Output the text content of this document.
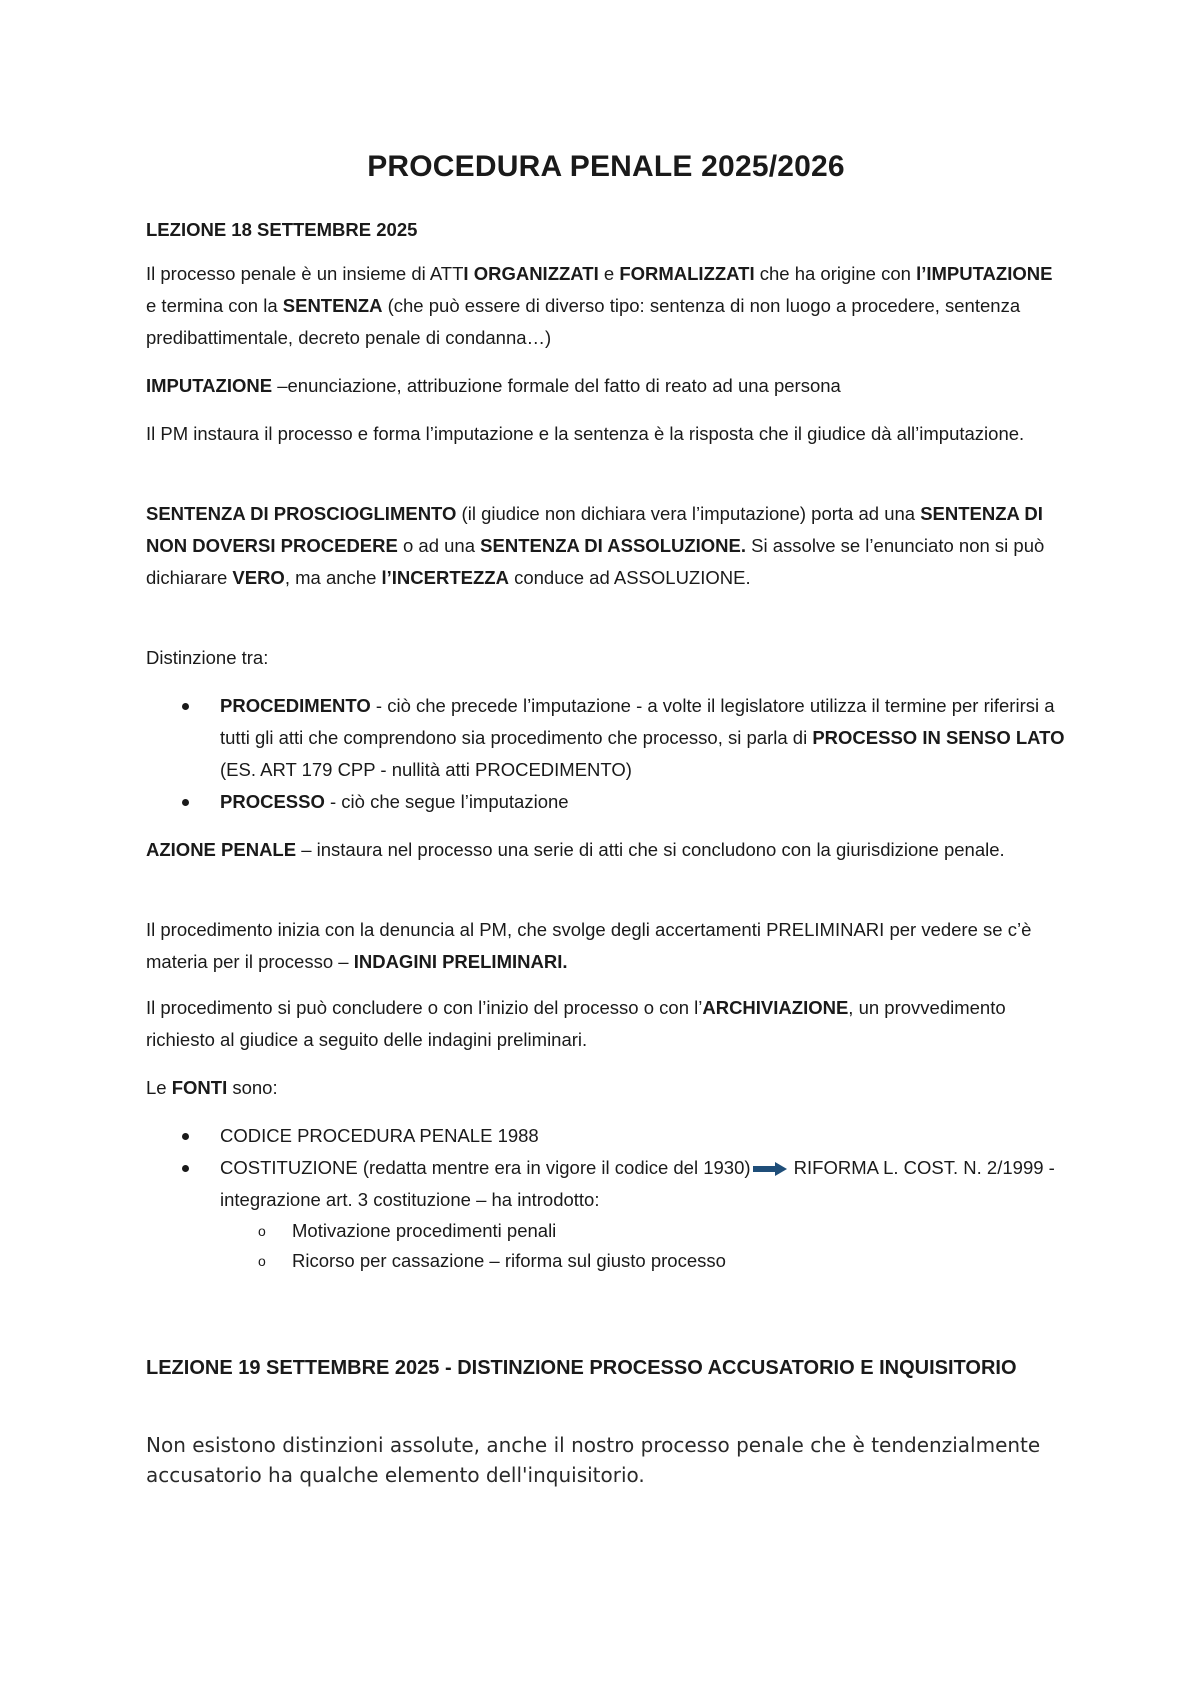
PROCEDURA PENALE 2025/2026

LEZIONE 18 SETTEMBRE 2025

Il processo penale è un insieme di ATTI ORGANIZZATI e FORMALIZZATI che ha origine con l’IMPUTAZIONE e termina con la SENTENZA (che può essere di diverso tipo: sentenza di non luogo a procedere, sentenza predibattimentale, decreto penale di condanna…)

IMPUTAZIONE –enunciazione, attribuzione formale del fatto di reato ad una persona

Il PM instaura il processo e forma l’imputazione e la sentenza è la risposta che il giudice dà all’imputazione.

SENTENZA DI PROSCIOGLIMENTO (il giudice non dichiara vera l’imputazione) porta ad una SENTENZA DI NON DOVERSI PROCEDERE o ad una SENTENZA DI ASSOLUZIONE. Si assolve se l’enunciato non si può dichiarare VERO, ma anche l’INCERTEZZA conduce ad ASSOLUZIONE.

Distinzione tra:

PROCEDIMENTO - ciò che precede l’imputazione - a volte il legislatore utilizza il termine per riferirsi a tutti gli atti che comprendono sia procedimento che processo, si parla di PROCESSO IN SENSO LATO (ES. ART 179 CPP - nullità atti PROCEDIMENTO)
PROCESSO - ciò che segue l’imputazione

AZIONE PENALE – instaura nel processo una serie di atti che si concludono con la giurisdizione penale.

Il procedimento inizia con la denuncia al PM, che svolge degli accertamenti PRELIMINARI per vedere se c’è materia per il processo – INDAGINI PRELIMINARI.

Il procedimento si può concludere o con l’inizio del processo o con l’ARCHIVIAZIONE, un provvedimento richiesto al giudice a seguito delle indagini preliminari.

Le FONTI sono:

CODICE PROCEDURA PENALE 1988
COSTITUZIONE (redatta mentre era in vigore il codice del 1930) RIFORMA L. COST. N. 2/1999 - integrazione art. 3 costituzione – ha introdotto:
o Motivazione procedimenti penali
o Ricorso per cassazione – riforma sul giusto processo
LEZIONE 19 SETTEMBRE 2025 - DISTINZIONE PROCESSO ACCUSATORIO E INQUISITORIO

Non esistono distinzioni assolute, anche il nostro processo penale che è tendenzialmente accusatorio ha qualche elemento dell'inquisitorio.
